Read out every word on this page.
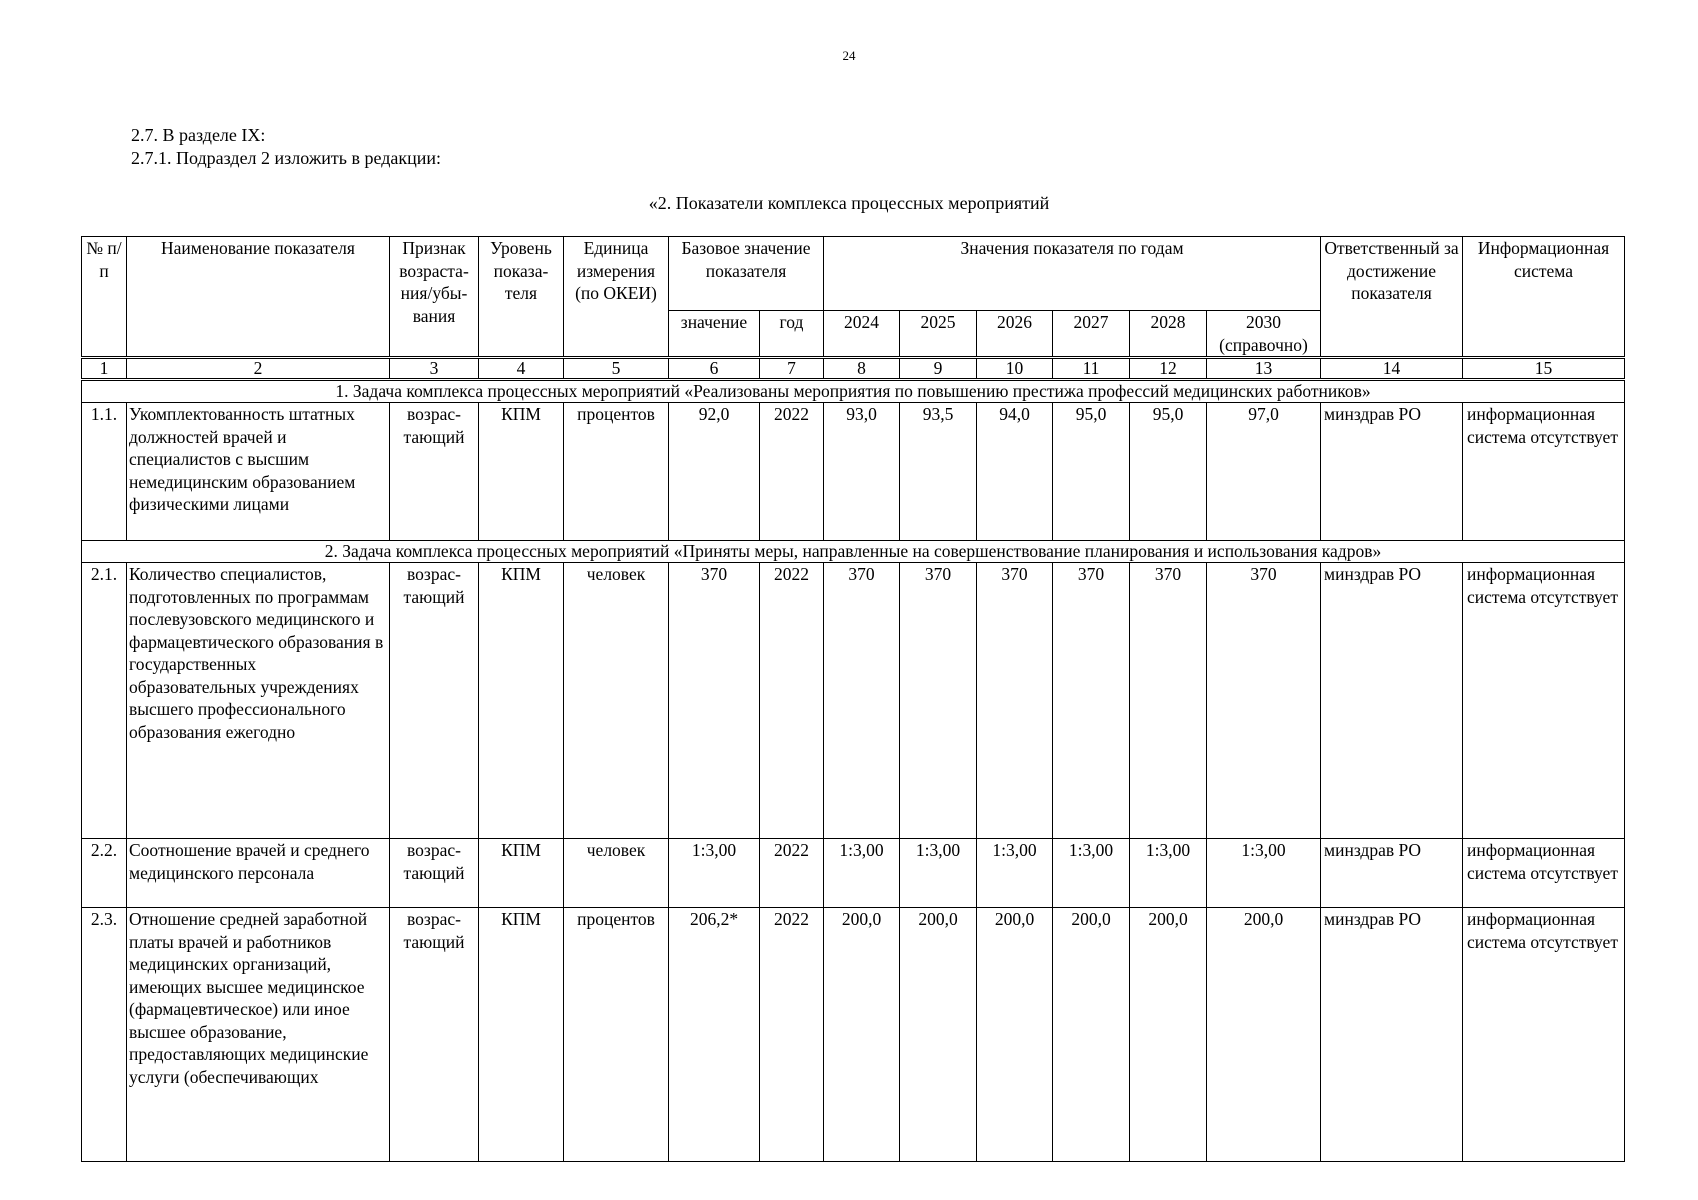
24
2.7. В разделе IX:
2.7.1. Подраздел 2 изложить в редакции:
«2. Показатели комплекса процессных мероприятий
№ п/п	Наименование показателя	Признак возраста-ния/убы-вания	Уровень показа-теля	Единица измерения (по ОКЕИ)	Базовое значение показателя		Значения показателя по годам						Ответственный за достижение показателя	Информационная система
					значение	год	2024	2025	2026	2027	2028	2030 (справочно)		
1	2	3	4	5	6	7	8	9	10	11	12	13	14	15
1. Задача комплекса процессных мероприятий «Реализованы мероприятия по повышению престижа профессий медицинских работников»														
1.1.	Укомплектованность штатных должностей врачей и специалистов с высшим немедицинским образованием физическими лицами	возрас-тающий	КПМ	процентов	92,0	2022	93,0	93,5	94,0	95,0	95,0	97,0	минздрав РО	информационная система отсутствует
2. Задача комплекса процессных мероприятий «Приняты меры, направленные на совершенствование планирования и использования кадров»														
2.1.	Количество специалистов, подготовленных по программам послевузовского медицинского и фармацевтического образования в государственных образовательных учреждениях высшего профессионального образования ежегодно	возрас-тающий	КПМ	человек	370	2022	370	370	370	370	370	370	минздрав РО	информационная система отсутствует
2.2.	Соотношение врачей и среднего медицинского персонала	возрас-тающий	КПМ	человек	1:3,00	2022	1:3,00	1:3,00	1:3,00	1:3,00	1:3,00	1:3,00	минздрав РО	информационная система отсутствует
2.3.	Отношение средней заработной платы врачей и работников медицинских организаций, имеющих высшее медицинское (фармацевтическое) или иное высшее образование, предоставляющих медицинские услуги (обеспечивающих	возрас-тающий	КПМ	процентов	206,2*	2022	200,0	200,0	200,0	200,0	200,0	200,0	минздрав РО	информационная система отсутствует
